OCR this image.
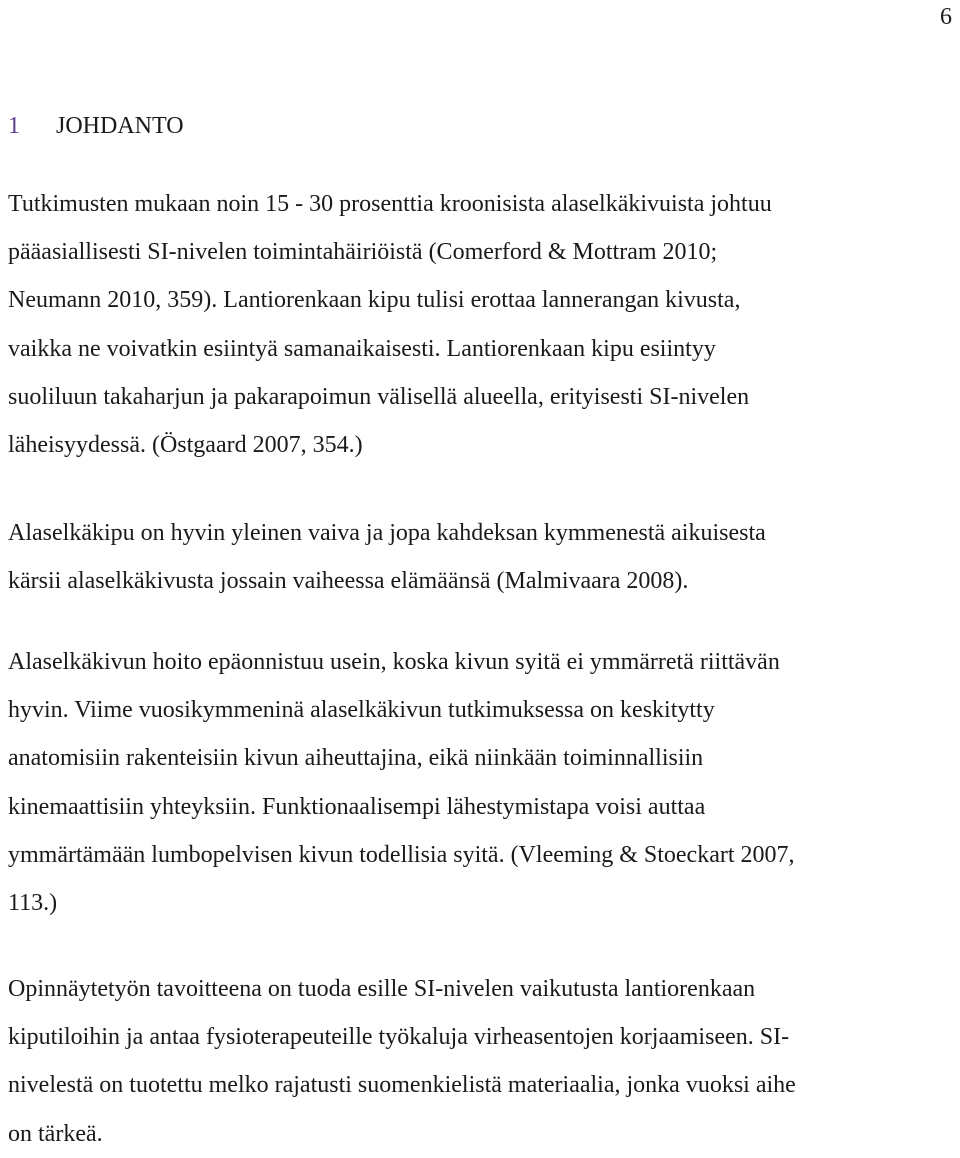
6
1 JOHDANTO

Tutkimusten mukaan noin 15 - 30 prosenttia kroonisista alaselkäkivuista johtuu
pääasiallisesti SI-nivelen toimintahäiriöistä (Comerford & Mottram 2010;
Neumann 2010, 359). Lantiorenkaan kipu tulisi erottaa lannerangan kivusta,
vaikka ne voivatkin esiintyä samanaikaisesti. Lantiorenkaan kipu esiintyy
suoliluun takaharjun ja pakarapoimun välisellä alueella, erityisesti SI-nivelen
läheisyydessä. (Östgaard 2007, 354.)

Alaselkäkipu on hyvin yleinen vaiva ja jopa kahdeksan kymmenestä aikuisesta
kärsii alaselkäkivusta jossain vaiheessa elämäänsä (Malmivaara 2008).

Alaselkäkivun hoito epäonnistuu usein, koska kivun syitä ei ymmärretä riittävän
hyvin. Viime vuosikymmeninä alaselkäkivun tutkimuksessa on keskitytty
anatomisiin rakenteisiin kivun aiheuttajina, eikä niinkään toiminnallisiin
kinemaattisiin yhteyksiin. Funktionaalisempi lähestymistapa voisi auttaa
ymmärtämään lumbopelvisen kivun todellisia syitä. (Vleeming & Stoeckart 2007,
113.)

Opinnäytetyön tavoitteena on tuoda esille SI-nivelen vaikutusta lantiorenkaan
kiputiloihin ja antaa fysioterapeuteille työkaluja virheasentojen korjaamiseen. SI-
nivelestä on tuotettu melko rajatusti suomenkielistä materiaalia, jonka vuoksi aihe
on tärkeä.
